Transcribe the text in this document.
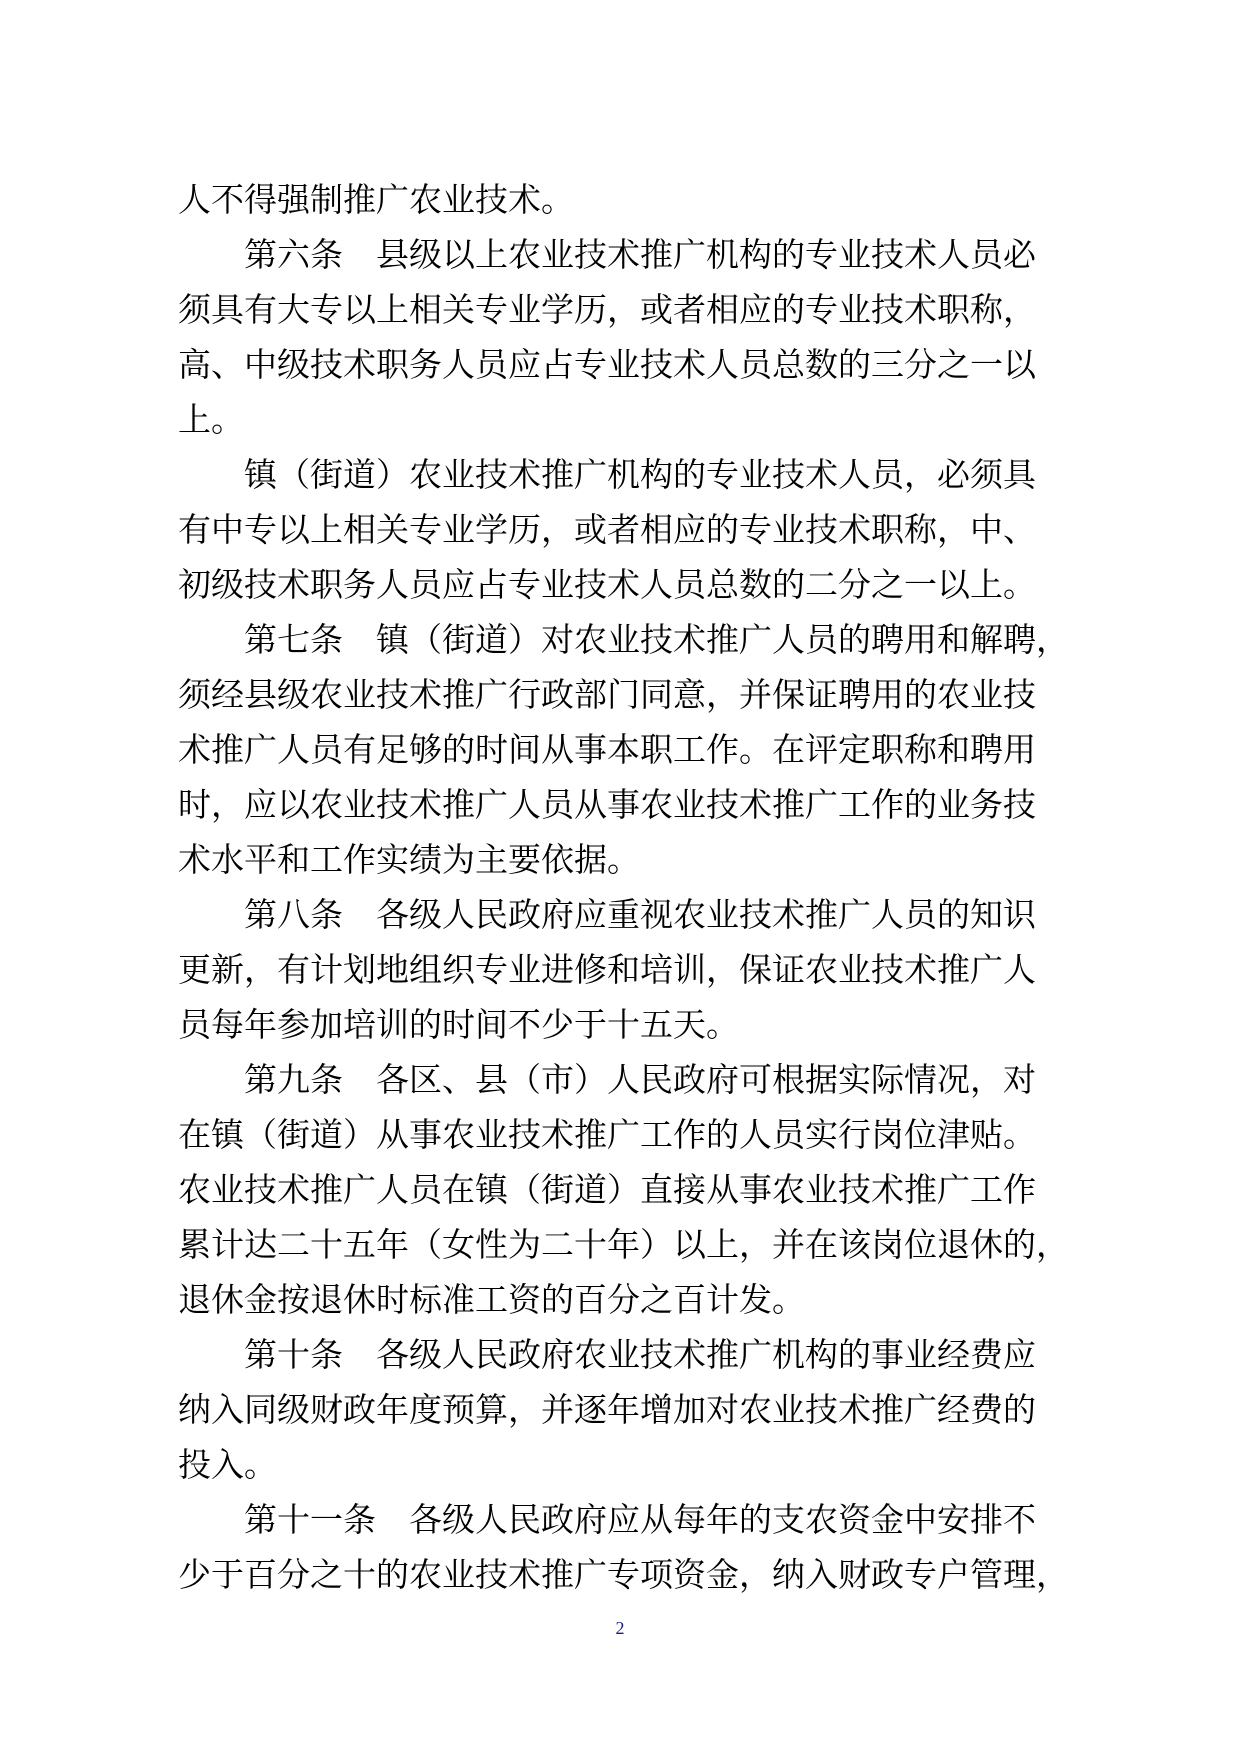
人不得强制推广农业技术。
第六条　县级以上农业技术推广机构的专业技术人员必
须具有大专以上相关专业学历，或者相应的专业技术职称，
高、中级技术职务人员应占专业技术人员总数的三分之一以
上。
镇（街道）农业技术推广机构的专业技术人员，必须具
有中专以上相关专业学历，或者相应的专业技术职称，中、
初级技术职务人员应占专业技术人员总数的二分之一以上。
第七条　镇（街道）对农业技术推广人员的聘用和解聘，
须经县级农业技术推广行政部门同意，并保证聘用的农业技
术推广人员有足够的时间从事本职工作。在评定职称和聘用
时，应以农业技术推广人员从事农业技术推广工作的业务技
术水平和工作实绩为主要依据。
第八条　各级人民政府应重视农业技术推广人员的知识
更新，有计划地组织专业进修和培训，保证农业技术推广人
员每年参加培训的时间不少于十五天。
第九条　各区、县（市）人民政府可根据实际情况，对
在镇（街道）从事农业技术推广工作的人员实行岗位津贴。
农业技术推广人员在镇（街道）直接从事农业技术推广工作
累计达二十五年（女性为二十年）以上，并在该岗位退休的，
退休金按退休时标准工资的百分之百计发。
第十条　各级人民政府农业技术推广机构的事业经费应
纳入同级财政年度预算，并逐年增加对农业技术推广经费的
投入。
第十一条　各级人民政府应从每年的支农资金中安排不
少于百分之十的农业技术推广专项资金，纳入财政专户管理，
2
